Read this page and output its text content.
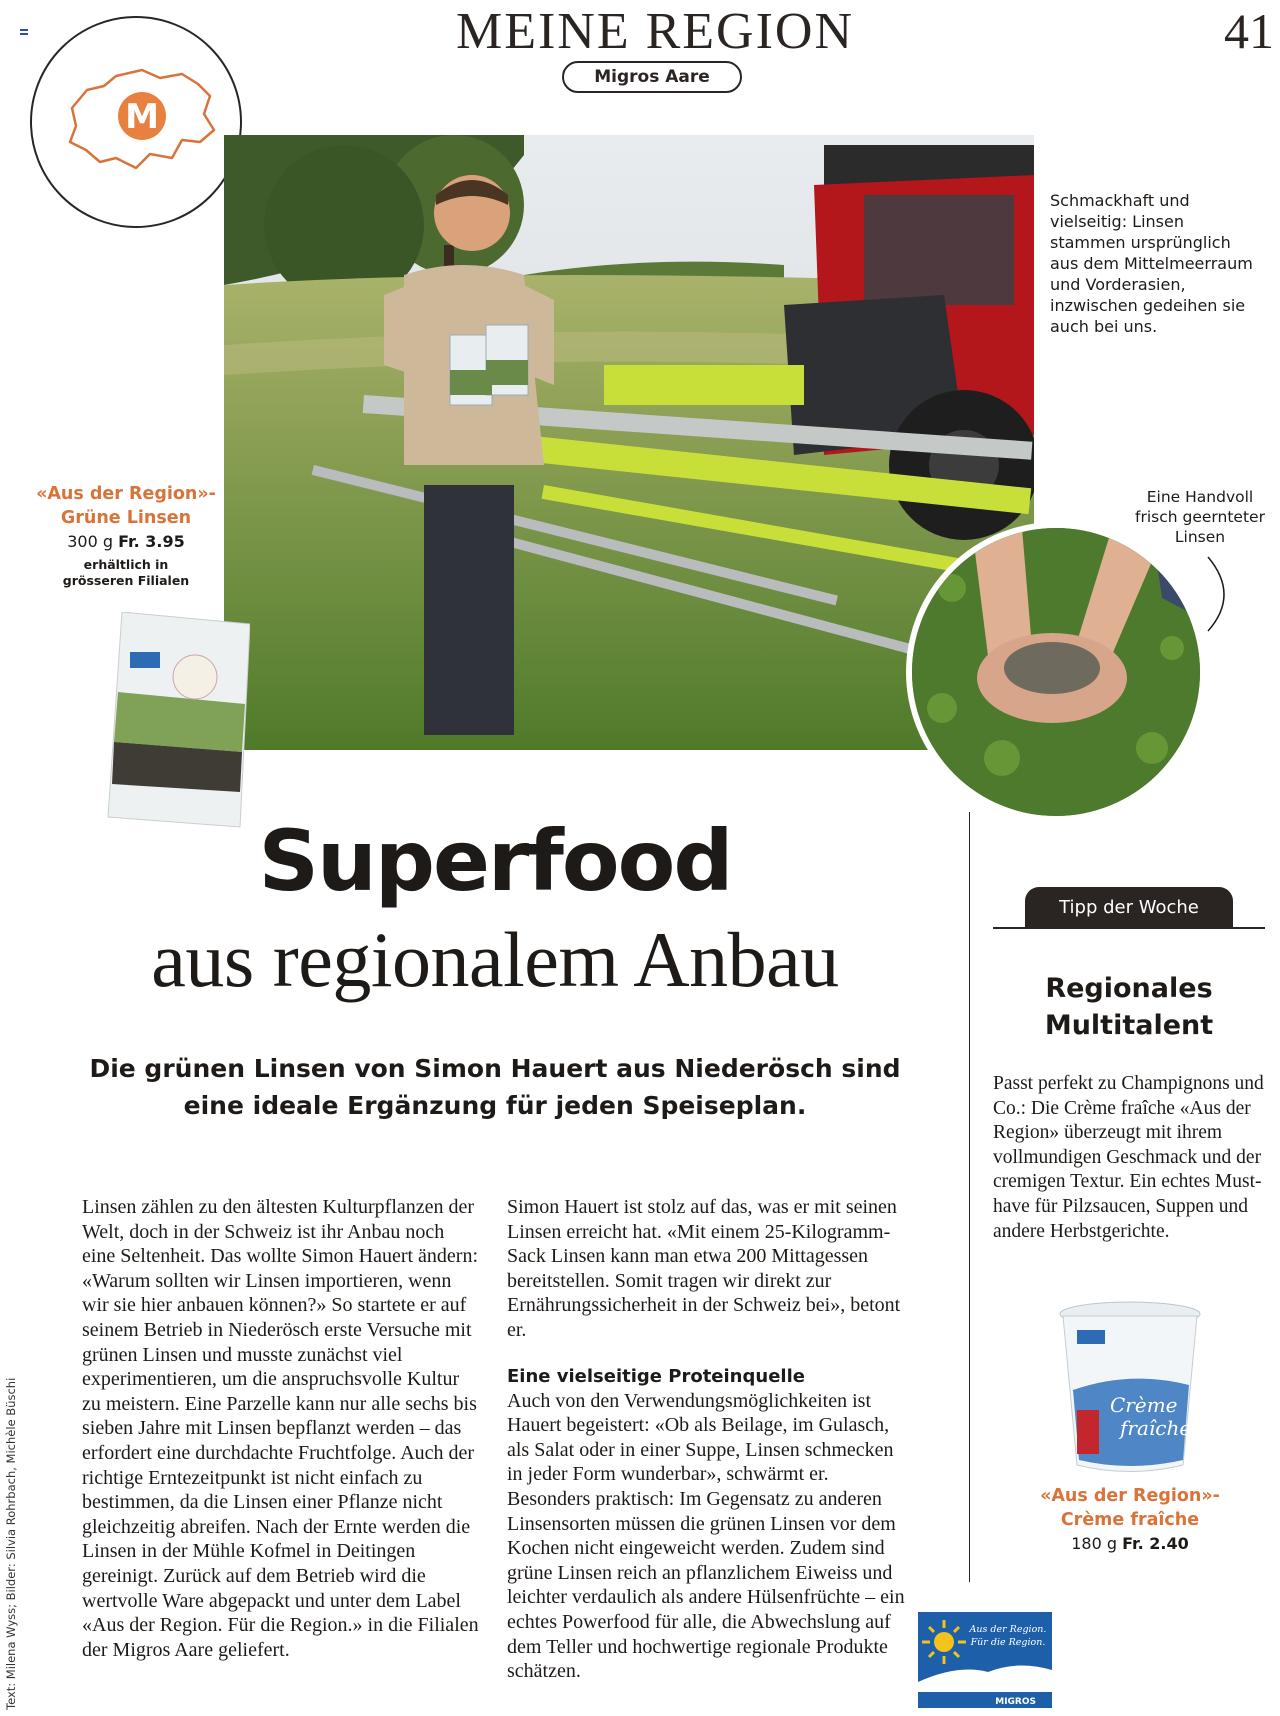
MEINE REGION	41
Migros Aare
M
Schmackhaft und vielseitig: Linsen stammen ursprünglich aus dem Mittelmeerraum und Vorderasien, inzwischen gedeihen sie auch bei uns.
Eine Handvoll frisch geernteter Linsen
«Aus der Region»-
Grüne Linsen
300 g Fr. 3.95
erhältlich in
grösseren Filialen
Superfood
aus regionalem Anbau
Die grünen Linsen von Simon Hauert aus Niederösch sind eine ideale Ergänzung für jeden Speiseplan.

Linsen zählen zu den ältesten Kulturpflanzen der Welt, doch in der Schweiz ist ihr Anbau noch eine Seltenheit. Das wollte Simon Hauert ändern: «Warum sollten wir Linsen importieren, wenn wir sie hier anbauen können?» So startete er auf seinem Betrieb in Niederösch erste Versuche mit grünen Linsen und musste zunächst viel experimentieren, um die anspruchsvolle Kultur zu meistern. Eine Parzelle kann nur alle sechs bis sieben Jahre mit Linsen bepflanzt werden – das erfordert eine durchdachte Fruchtfolge. Auch der richtige Erntezeitpunkt ist nicht einfach zu bestimmen, da die Linsen einer Pflanze nicht gleichzeitig abreifen. Nach der Ernte werden die Linsen in der Mühle Kofmel in Deitingen gereinigt. Zurück auf dem Betrieb wird die wertvolle Ware abgepackt und unter dem Label «Aus der Region. Für die Region.» in die Filialen der Migros Aare geliefert.

Simon Hauert ist stolz auf das, was er mit seinen Linsen erreicht hat. «Mit einem 25-Kilogramm-Sack Linsen kann man etwa 200 Mittagessen bereitstellen. Somit tragen wir direkt zur Ernährungssicherheit in der Schweiz bei», betont er.

Eine vielseitige Proteinquelle

Auch von den Verwendungsmöglichkeiten ist Hauert begeistert: «Ob als Beilage, im Gulasch, als Salat oder in einer Suppe, Linsen schmecken in jeder Form wunderbar», schwärmt er. Besonders praktisch: Im Gegensatz zu anderen Linsensorten müssen die grünen Linsen vor dem Kochen nicht eingeweicht werden. Zudem sind grüne Linsen reich an pflanzlichem Eiweiss und leichter verdaulich als andere Hülsenfrüchte – ein echtes Powerfood für alle, die Abwechslung auf dem Teller und hochwertige regionale Produkte schätzen.

Tipp der Woche
Regionales
Multitalent
Passt perfekt zu Champignons und Co.: Die Crème fraîche «Aus der Region» überzeugt mit ihrem vollmundigen Geschmack und der cremigen Textur. Ein echtes Must-have für Pilzsaucen, Suppen und andere Herbstgerichte.
Crème
fraîche
«Aus der Region»-
Crème fraîche
180 g Fr. 2.40
Aus der Region.
Für die Region.
MIGROS
Text: Milena Wyss; Bilder: Silvia Rohrbach, Michèle Büschi
